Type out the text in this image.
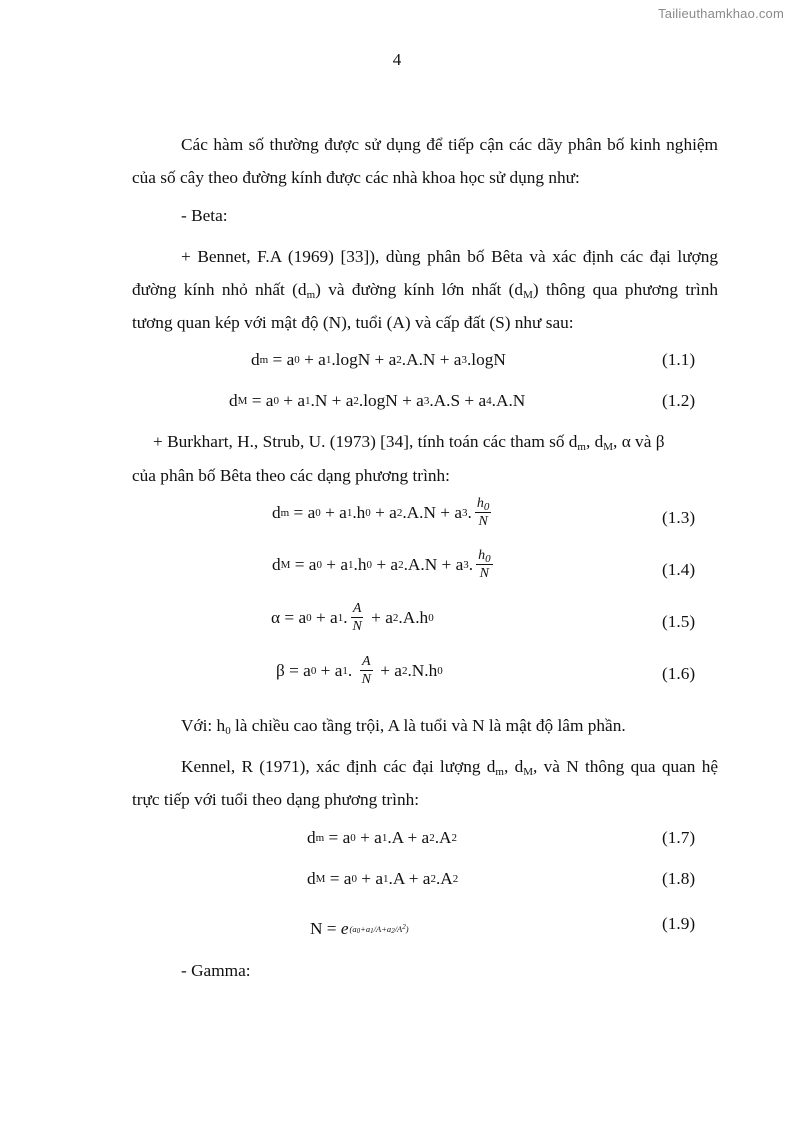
Tailieuthamkhao.com
4

Các hàm số thường được sử dụng để tiếp cận các dãy phân bố kinh nghiệm của số cây theo đường kính được các nhà khoa học sử dụng như:

- Beta:

+ Bennet, F.A (1969) [33]), dùng phân bố Bêta và xác định các đại lượng đường kính nhỏ nhất $(d_m)$ và đường kính lớn nhất $(d_M)$ thông qua phương trình tương quan kép với mật độ (N), tuổi (A) và cấp đất (S) như sau:

d m = a 0 + a 1 .logN + a 2 .A.N + a 3 .logN	(1.1)
d M = a 0 + a 1 .N + a 2 .logN + a 3 .A.S + a 4 .A.N	(1.2)
+ Burkhart, H., Strub, U. (1973) [34], tính toán các tham số $d_m$, $d_M$, α và β
của phân bố Bêta theo các dạng phương trình:
d m = a 0 + a 1 .h 0 + a 2 .A.N + a 3 . $\frac{h_0}{N}$	(1.3)
d M = a 0 + a 1 .h 0 + a 2 .A.N + a 3 . $\frac{h_0}{N}$	(1.4)
α = a 0 + a 1 . $\frac{A}{N} + a$ 2 .A.h 0	(1.5)
β = a 0 + a 1 . $\frac{A}{N} + a$ 2 .N.h 0	(1.6)
Với: $h_0$ là chiều cao tầng trội, A là tuổi và N là mật độ lâm phần.

Kennel, R (1971), xác định các đại lượng $d_m$, $d_M$, và N thông qua quan hệ trực tiếp với tuổi theo dạng phương trình:

d m = a 0 + a 1 .A + a 2 .A 2	(1.7)
d M = a 0 + a 1 .A + a 2 .A 2	(1.8)
N = e $(a_0+a_1/A+a_2/A^2)$	(1.9)
- Gamma:
